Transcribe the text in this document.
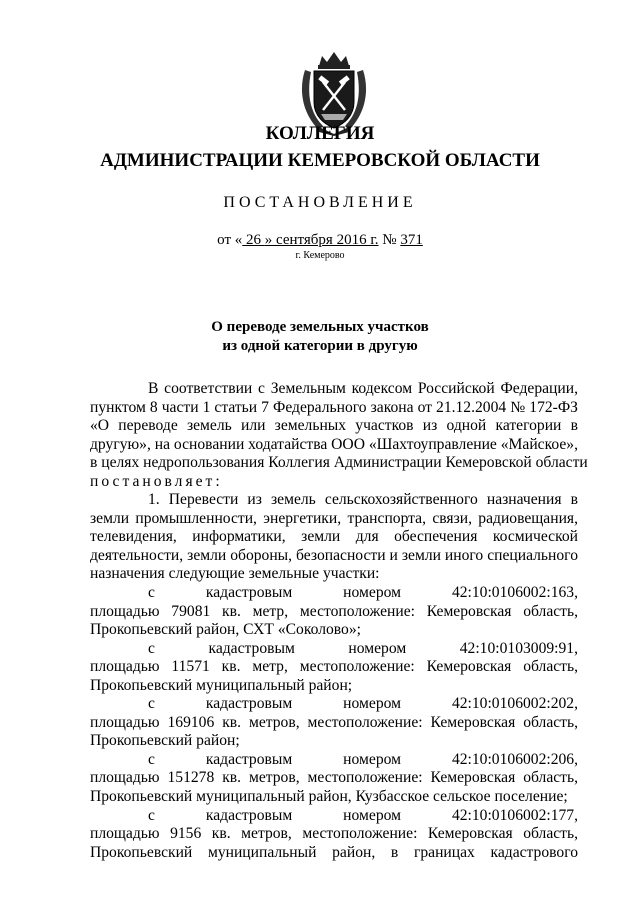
КОЛЛЕГИЯ
АДМИНИСТРАЦИИ КЕМЕРОВСКОЙ ОБЛАСТИ
ПОСТАНОВЛЕНИЕ
от « 26 » сентября 2016 г. № 371
г. Кемерово
О переводе земельных участков
из одной категории в другую
В соответствии с Земельным кодексом Российской Федерации,
пунктом 8 части 1 статьи 7 Федерального закона от 21.12.2004 № 172-ФЗ
«О переводе земель или земельных участков из одной категории в
другую», на основании ходатайства ООО «Шахтоуправление «Майское»,
в целях недропользования Коллегия Администрации Кемеровской области
постановляет:
1. Перевести из земель сельскохозяйственного назначения в
земли промышленности, энергетики, транспорта, связи, радиовещания,
телевидения, информатики, земли для обеспечения космической
деятельности, земли обороны, безопасности и земли иного специального
назначения следующие земельные участки:
с кадастровым номером 42:10:0106002:163,
площадью 79081 кв. метр, местоположение: Кемеровская область,
Прокопьевский район, СХТ «Соколово»;
с кадастровым номером 42:10:0103009:91,
площадью 11571 кв. метр, местоположение: Кемеровская область,
Прокопьевский муниципальный район;
с кадастровым номером 42:10:0106002:202,
площадью 169106 кв. метров, местоположение: Кемеровская область,
Прокопьевский район;
с кадастровым номером 42:10:0106002:206,
площадью 151278 кв. метров, местоположение: Кемеровская область,
Прокопьевский муниципальный район, Кузбасское сельское поселение;
с кадастровым номером 42:10:0106002:177,
площадью 9156 кв. метров, местоположение: Кемеровская область,
Прокопьевский муниципальный район, в границах кадастрового
